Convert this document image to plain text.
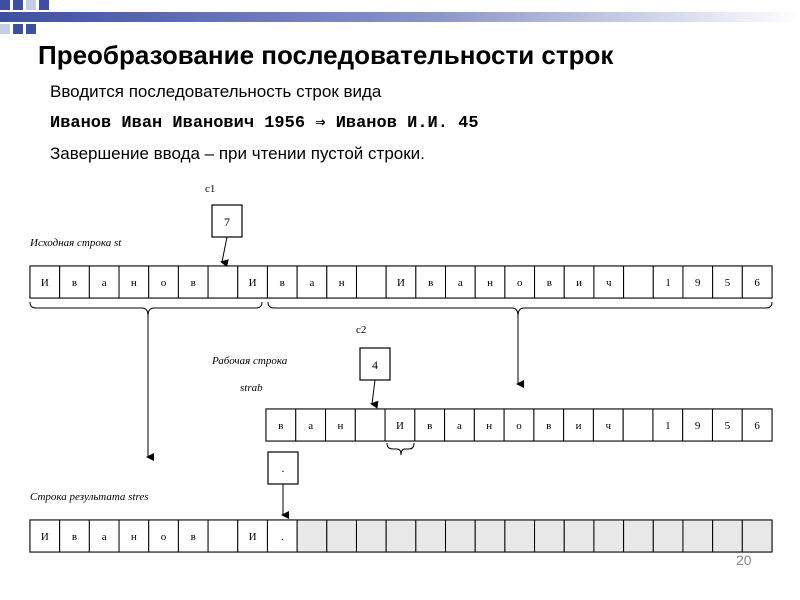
Преобразование последовательности строк

Вводится последовательность строк вида

Иванов Иван Иванович 1956 ⇒ Иванов И.И. 45

Завершение ввода – при чтении пустой строки.

Исходная строка st
И в а н о в	И в а н	И в а н о в и ч	1 9 5 6
c1
7
Рабочая строка
strab
c2
4
в а н	И в а н о в и ч	1 9 5 6
.
Строка результата stres
И в а н о в	И .
20
